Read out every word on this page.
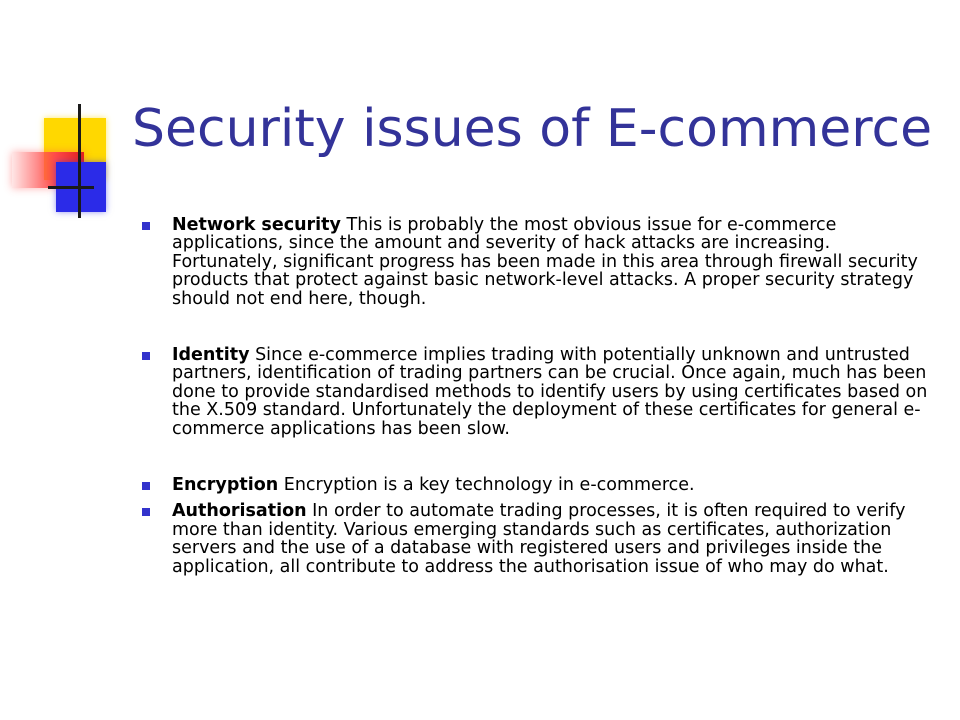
Security issues of E-commerce
Network security This is probably the most obvious issue for e-commerce applications, since the amount and severity of hack attacks are increasing. Fortunately, significant progress has been made in this area through firewall security products that protect against basic network-level attacks. A proper security strategy should not end here, though.
Identity Since e-commerce implies trading with potentially unknown and untrusted partners, identification of trading partners can be crucial. Once again, much has been done to provide standardised methods to identify users by using certificates based on the X.509 standard. Unfortunately the deployment of these certificates for general e-commerce applications has been slow.
Encryption Encryption is a key technology in e-commerce.
Authorisation In order to automate trading processes, it is often required to verify more than identity. Various emerging standards such as certificates, authorization servers and the use of a database with registered users and privileges inside the application, all contribute to address the authorisation issue of who may do what.
